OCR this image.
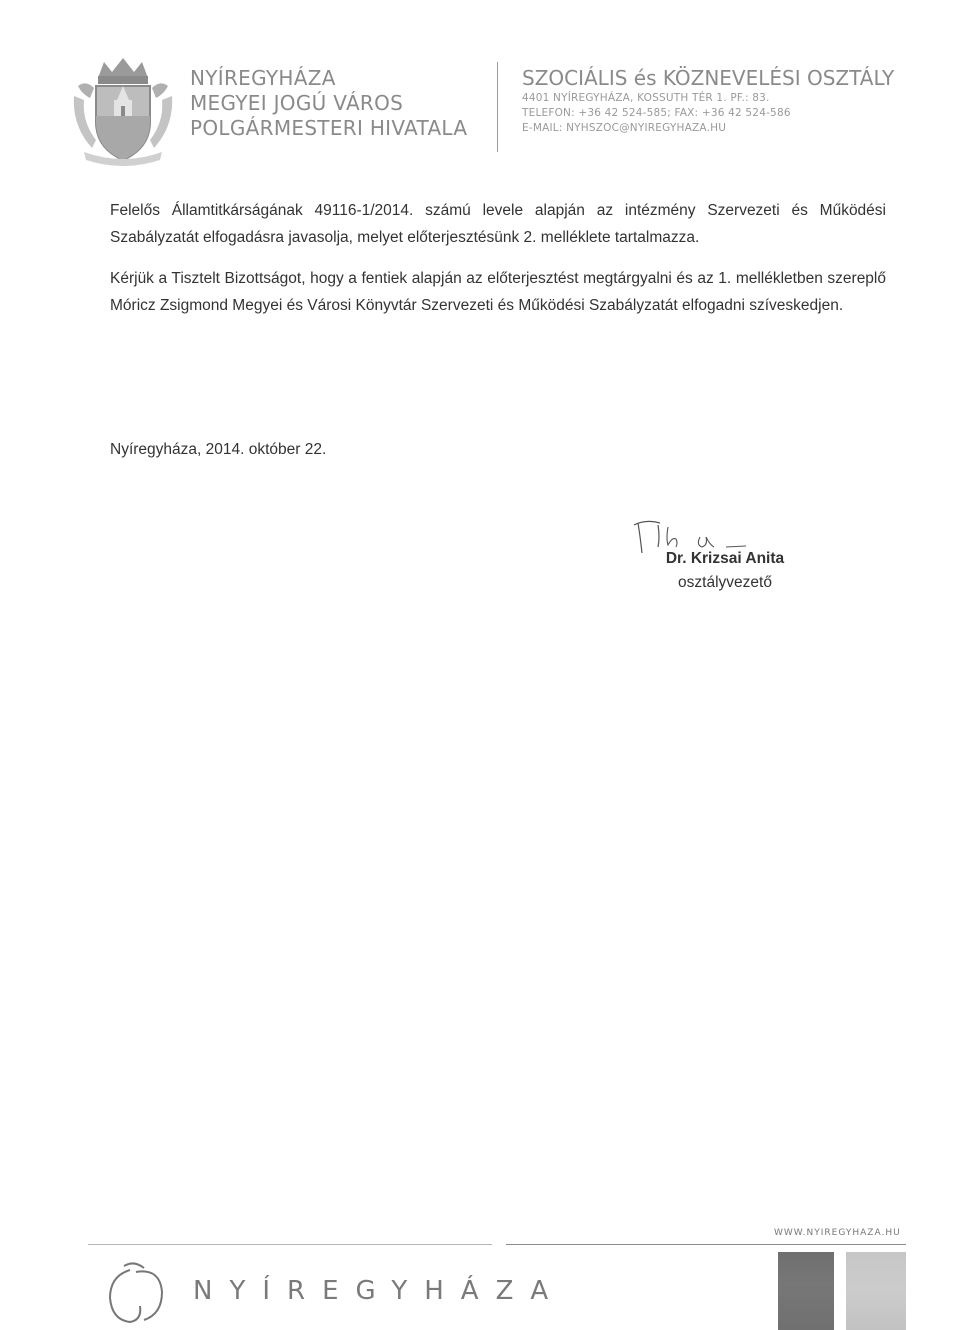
NYÍREGYHÁZA
MEGYEI JOGÚ VÁROS
POLGÁRMESTERI HIVATALA
SZOCIÁLIS és KÖZNEVELÉSI OSZTÁLY
4401 NYÍREGYHÁZA, KOSSUTH TÉR 1. PF.: 83.
TELEFON: +36 42 524-585; FAX: +36 42 524-586
E-MAIL: NYHSZOC@NYIREGYHAZA.HU

Felelős Államtitkárságának 49116-1/2014. számú levele alapján az intézmény Szervezeti és Működési Szabályzatát elfogadásra javasolja, melyet előterjesztésünk 2. melléklete tartalmazza.

Kérjük a Tisztelt Bizottságot, hogy a fentiek alapján az előterjesztést megtárgyalni és az 1. mellékletben szereplő Móricz Zsigmond Megyei és Városi Könyvtár Szervezeti és Működési Szabályzatát elfogadni szíveskedjen.

Nyíregyháza, 2014. október 22.
Dr. Krizsai Anita
osztályvezető
WWW.NYIREGYHAZA.HU
NYÍREGYHÁZA
